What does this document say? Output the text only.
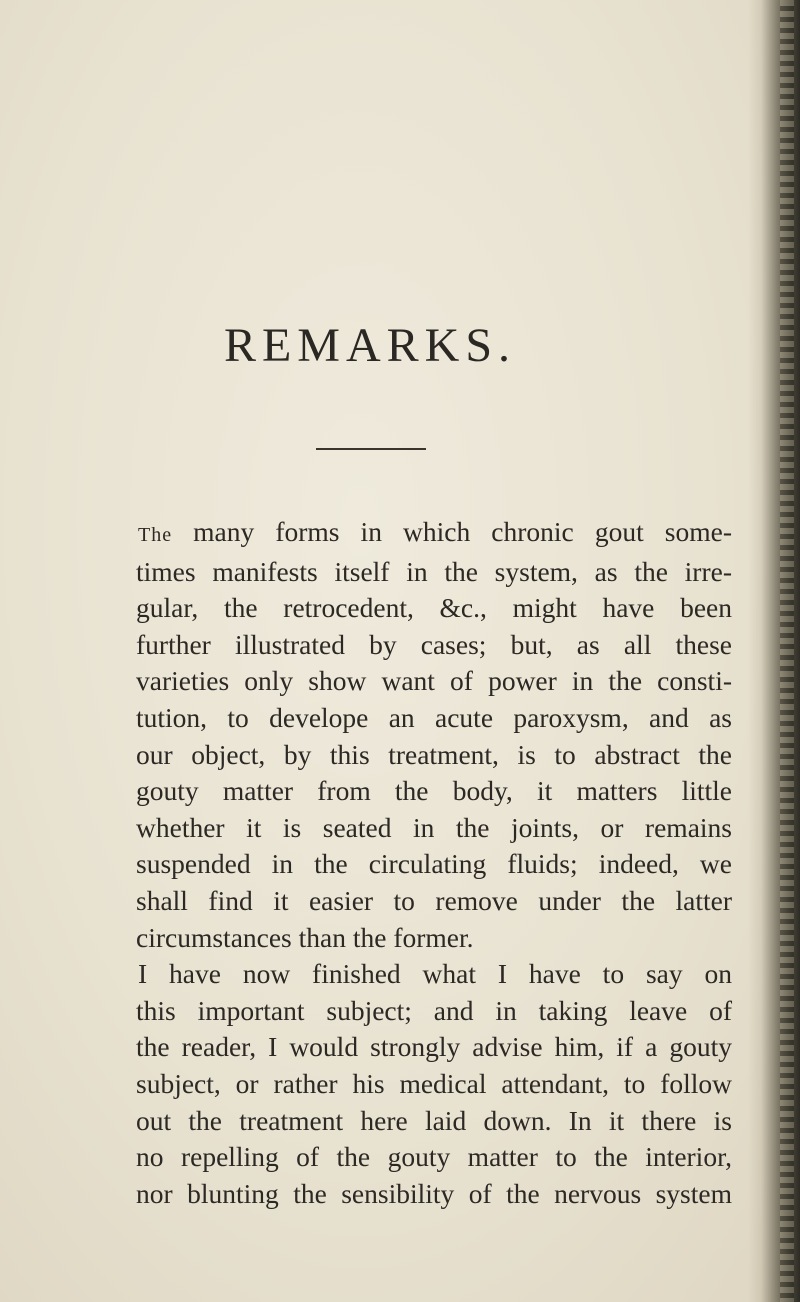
REMARKS.
The many forms in which chronic gout some-
times manifests itself in the system, as the irre-
gular, the retrocedent, &c., might have been
further illustrated by cases; but, as all these
varieties only show want of power in the consti-
tution, to develope an acute paroxysm, and as
our object, by this treatment, is to abstract the
gouty matter from the body, it matters little
whether it is seated in the joints, or remains
suspended in the circulating fluids; indeed, we
shall find it easier to remove under the latter
circumstances than the former.
I have now finished what I have to say on
this important subject; and in taking leave of
the reader, I would strongly advise him, if a gouty
subject, or rather his medical attendant, to follow
out the treatment here laid down. In it there is
no repelling of the gouty matter to the interior,
nor blunting the sensibility of the nervous system
